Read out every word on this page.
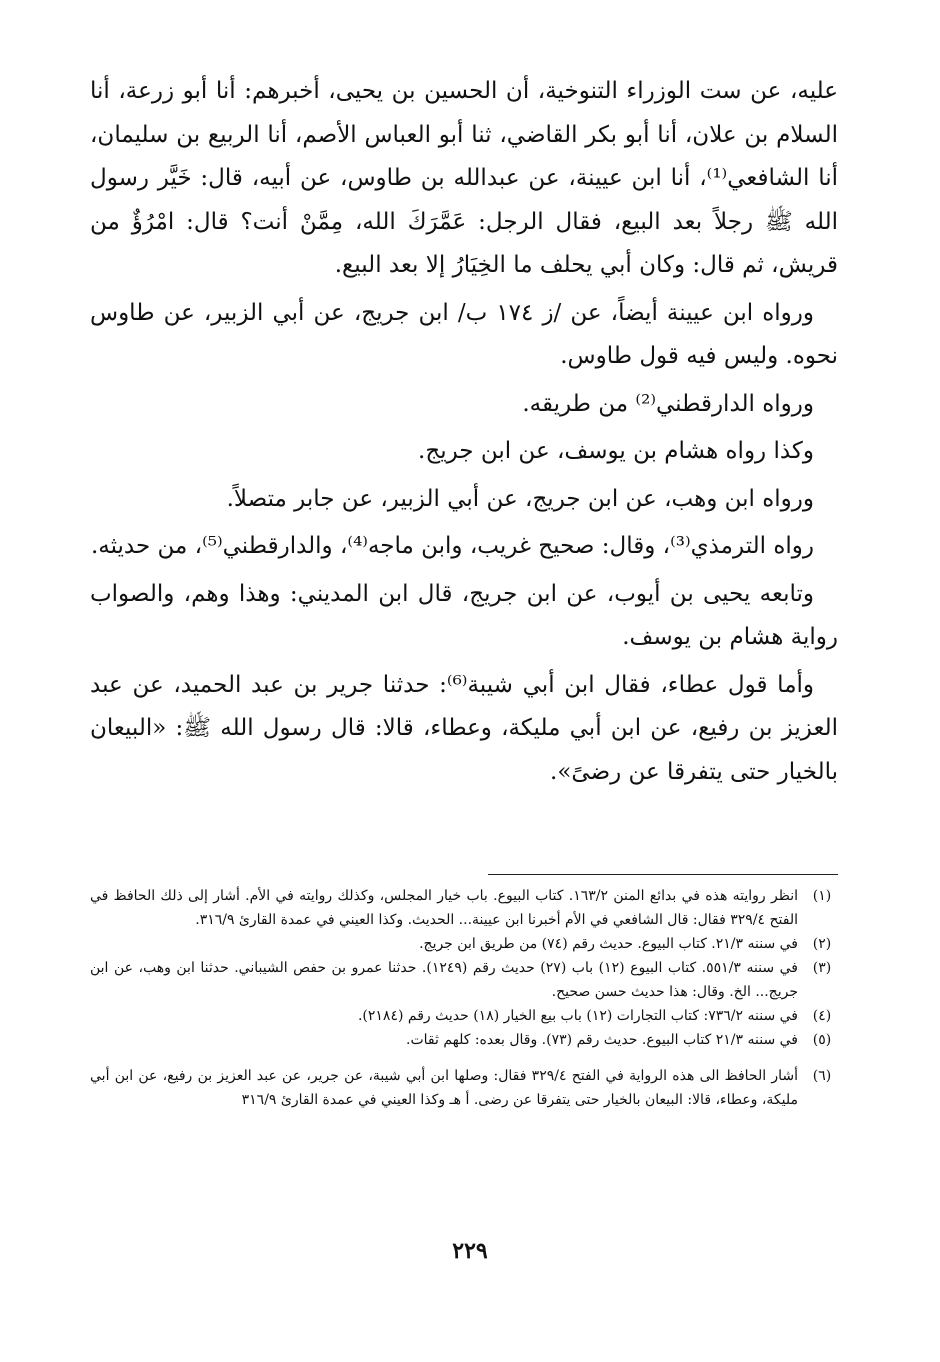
عليه، عن ست الوزراء التنوخية، أن الحسين بن يحيى، أخبرهم: أنا أبو زرعة، أنا السلام بن علان، أنا أبو بكر القاضي، ثنا أبو العباس الأصم، أنا الربيع بن سليمان، أنا الشافعي⁽¹⁾، أنا ابن عيينة، عن عبدالله بن طاوس، عن أبيه، قال: خَيَّر رسول الله ﷺ رجلاً بعد البيع، فقال الرجل: عَمَّرَكَ الله، مِمَّنْ أنت؟ قال: امْرُؤٌ من قريش، ثم قال: وكان أبي يحلف ما الخِيَارُ إلا بعد البيع.

ورواه ابن عيينة أيضاً، عن /ز ١٧٤ ب/ ابن جريج، عن أبي الزبير، عن طاوس نحوه. وليس فيه قول طاوس.

ورواه الدارقطني⁽²⁾ من طريقه.

وكذا رواه هشام بن يوسف، عن ابن جريج.

ورواه ابن وهب، عن ابن جريج، عن أبي الزبير، عن جابر متصلاً.

رواه الترمذي⁽³⁾، وقال: صحيح غريب، وابن ماجه⁽⁴⁾، والدارقطني⁽⁵⁾، من حديثه.

وتابعه يحيى بن أيوب، عن ابن جريج، قال ابن المديني: وهذا وهم، والصواب رواية هشام بن يوسف.

وأما قول عطاء، فقال ابن أبي شيبة⁽⁶⁾: حدثنا جرير بن عبد الحميد، عن عبد العزيز بن رفيع، عن ابن أبي مليكة، وعطاء، قالا: قال رسول الله ﷺ: «البيعان بالخيار حتى يتفرقا عن رضىً».

(١)
انظر روايته هذه في بدائع المنن ١٦٣/٢. كتاب البيوع. باب خيار المجلس، وكذلك روايته في الأم. أشار إلى ذلك الحافظ في الفتح ٣٢٩/٤ فقال: قال الشافعي في الأم أخبرنا ابن عيينة... الحديث. وكذا العيني في عمدة القارئ ٣١٦/٩.
(٢)
في سننه ٢١/٣. كتاب البيوع. حديث رقم (٧٤) من طريق ابن جريج.
(٣)
في سننه ٥٥١/٣. كتاب البيوع (١٢) باب (٢٧) حديث رقم (١٢٤٩). حدثنا عمرو بن حفص الشيباني. حدثنا ابن وهب، عن ابن جريج... الخ. وقال: هذا حديث حسن صحيح.
(٤)
في سننه ٧٣٦/٢: كتاب التجارات (١٢) باب بيع الخيار (١٨) حديث رقم (٢١٨٤).
(٥)
في سننه ٢١/٣ كتاب البيوع. حديث رقم (٧٣). وقال بعده: كلهم ثقات.
(٦)
أشار الحافظ الى هذه الرواية في الفتح ٣٢٩/٤ فقال: وصلها ابن أبي شيبة، عن جرير، عن عبد العزيز بن رفيع، عن ابن أبي مليكة، وعطاء، قالا: البيعان بالخيار حتى يتفرقا عن رضى. أ هـ وكذا العيني في عمدة القارئ ٣١٦/٩
٢٢٩
